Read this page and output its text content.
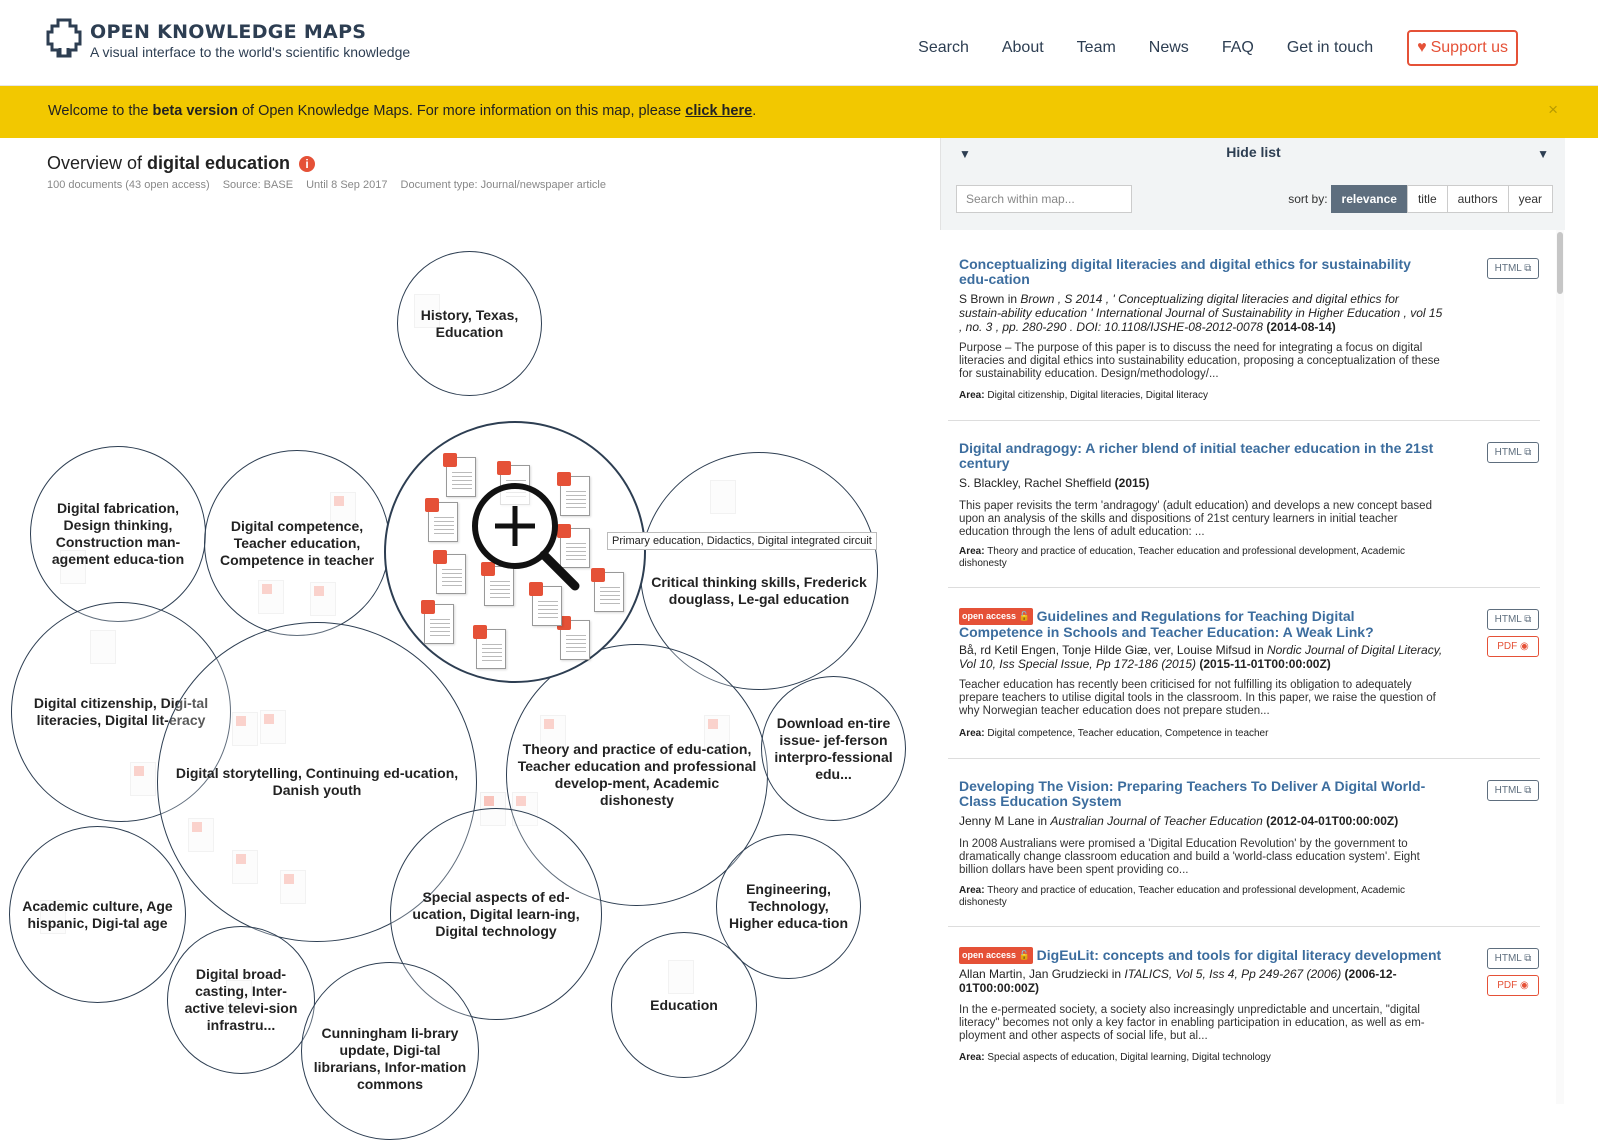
OPEN KNOWLEDGE MAPS
A visual interface to the world's scientific knowledge	Search About Team News FAQ Get in touch	♥ Support us
Welcome to the beta version of Open Knowledge Maps. For more information on this map, please click here.	×
Overview of digital education i
100 documents (43 open access) Source: BASE Until 8 Sep 2017 Document type: Journal/newspaper article
History, Texas, Education
Digital fabrication, Design thinking, Construction man-agement educa-tion
Digital competence, Teacher education, Competence in teacher
Critical thinking skills, Frederick douglass, Le-gal education
Digital citizenship, Digi-tal literacies, Digital lit-eracy
Digital storytelling, Continuing ed-ucation, Danish youth
Theory and practice of edu-cation, Teacher education and professional develop-ment, Academic dishonesty
Download en-tire issue- jef-ferson interpro-fessional edu...
Academic culture, Age hispanic, Digi-tal age
Special aspects of ed-ucation, Digital learn-ing, Digital technology
Engineering, Technology, Higher educa-tion
Digital broad-casting, Inter-active televi-sion infrastru...	Cunningham li-brary update, Digi-tal librarians, Infor-mation commons
Education
Primary education, Didactics, Digital integrated circuit
▼	Hide list	▼
Search within map...	sort by:	relevance	title	authors	year
Conceptualizing digital literacies and digital ethics for sustainability edu-cation
S Brown in Brown , S 2014 , ' Conceptualizing digital literacies and digital ethics for sustain-ability education ' International Journal of Sustainability in Higher Education , vol 15 , no. 3 , pp. 280-290 . DOI: 10.1108/IJSHE-08-2012-0078 (2014-08-14)
Purpose – The purpose of this paper is to discuss the need for integrating a focus on digital literacies and digital ethics into sustainability education, proposing a conceptualization of these for sustainability education. Design/methodology/...
Area: Digital citizenship, Digital literacies, Digital literacy
HTML ⧉
Digital andragogy: A richer blend of initial teacher education in the 21st century
S. Blackley, Rachel Sheffield (2015)
This paper revisits the term 'andragogy' (adult education) and develops a new concept based upon an analysis of the skills and dispositions of 21st century learners in initial teacher education through the lens of adult education: ...
Area: Theory and practice of education, Teacher education and professional development, Academic dishonesty
HTML ⧉
open access 🔓 Guidelines and Regulations for Teaching Digital Competence in Schools and Teacher Education: A Weak Link?
Bå, rd Ketil Engen, Tonje Hilde Giæ, ver, Louise Mifsud in Nordic Journal of Digital Literacy, Vol 10, Iss Special Issue, Pp 172-186 (2015) (2015-11-01T00:00:00Z)
Teacher education has recently been criticised for not fulfilling its obligation to adequately prepare teachers to utilise digital tools in the classroom. In this paper, we raise the question of why Norwegian teacher education does not prepare studen...
Area: Digital competence, Teacher education, Competence in teacher
HTML ⧉
PDF ◉
Developing The Vision: Preparing Teachers To Deliver A Digital World-Class Education System
Jenny M Lane in Australian Journal of Teacher Education (2012-04-01T00:00:00Z)
In 2008 Australians were promised a 'Digital Education Revolution' by the government to dramatically change classroom education and build a 'world-class education system'. Eight billion dollars have been spent providing co...
Area: Theory and practice of education, Teacher education and professional development, Academic dishonesty
HTML ⧉
open access 🔓 DigEuLit: concepts and tools for digital literacy development
Allan Martin, Jan Grudziecki in ITALICS, Vol 5, Iss 4, Pp 249-267 (2006) (2006-12-01T00:00:00Z)
In the e-permeated society, a society also increasingly unpredictable and uncertain, "digital literacy" becomes not only a key factor in enabling participation in education, as well as em-ployment and other aspects of social life, but al...
Area: Special aspects of education, Digital learning, Digital technology
HTML ⧉
PDF ◉
